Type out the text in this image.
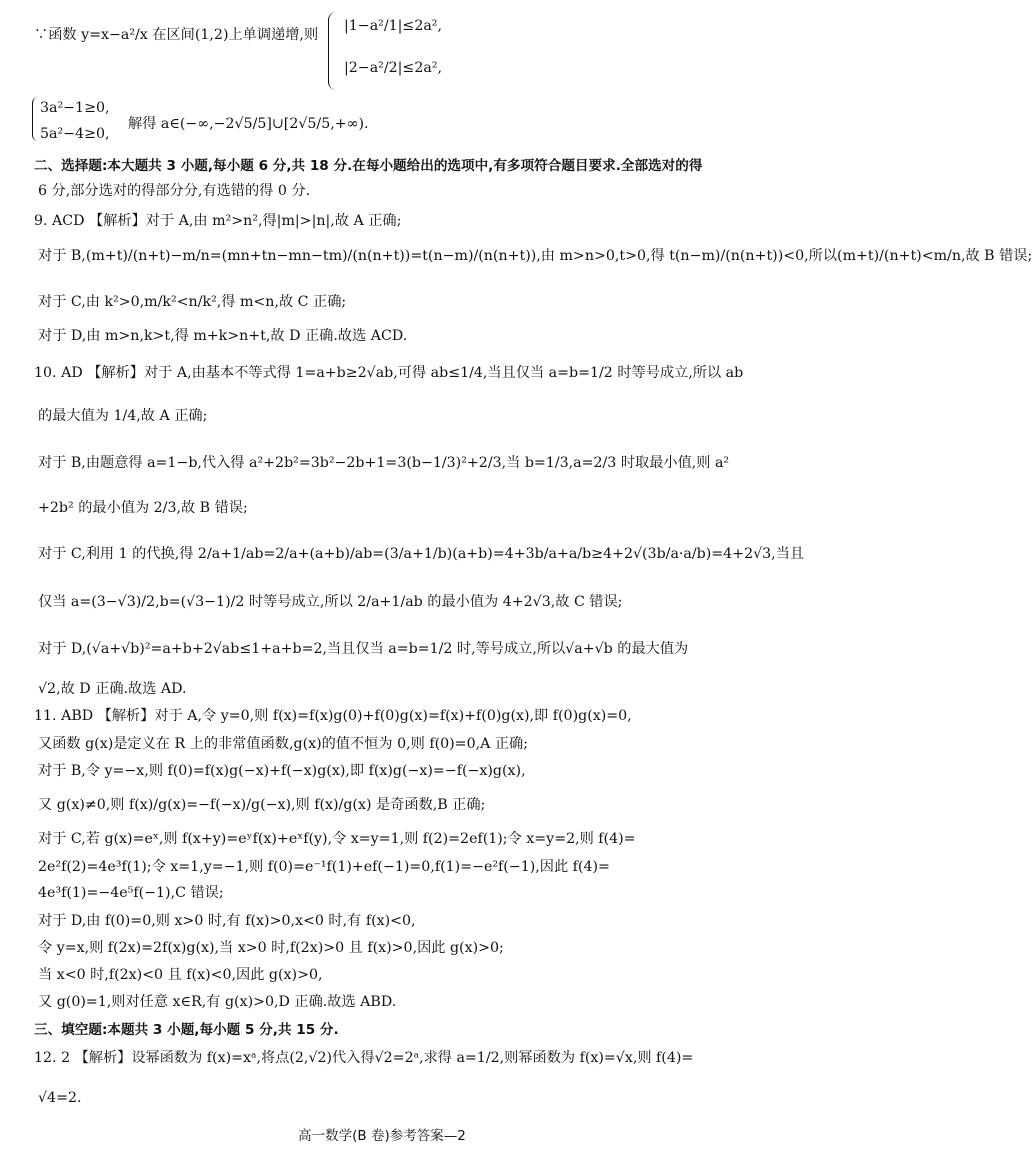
∵函数 y=x−a²/x 在区间(1,2)上单调递增,则
|1−a²/1|≤2a²,
|2−a²/2|≤2a²,
3a²−1≥0,
5a²−4≥0,
解得 a∈(−∞,−2√5/5]∪[2√5/5,+∞).
二、选择题:本大题共 3 小题,每小题 6 分,共 18 分.在每小题给出的选项中,有多项符合题目要求.全部选对的得
6 分,部分选对的得部分分,有选错的得 0 分.
9. ACD 【解析】对于 A,由 m²>n²,得|m|>|n|,故 A 正确;
对于 B,(m+t)/(n+t)−m/n=(mn+tn−mn−tm)/(n(n+t))=t(n−m)/(n(n+t)),由 m>n>0,t>0,得 t(n−m)/(n(n+t))<0,所以(m+t)/(n+t)<m/n,故 B 错误;
对于 C,由 k²>0,m/k²<n/k²,得 m<n,故 C 正确;
对于 D,由 m>n,k>t,得 m+k>n+t,故 D 正确.故选 ACD.
10. AD 【解析】对于 A,由基本不等式得 1=a+b≥2√ab,可得 ab≤1/4,当且仅当 a=b=1/2 时等号成立,所以 ab
的最大值为 1/4,故 A 正确;
对于 B,由题意得 a=1−b,代入得 a²+2b²=3b²−2b+1=3(b−1/3)²+2/3,当 b=1/3,a=2/3 时取最小值,则 a²
+2b² 的最小值为 2/3,故 B 错误;
对于 C,利用 1 的代换,得 2/a+1/ab=2/a+(a+b)/ab=(3/a+1/b)(a+b)=4+3b/a+a/b≥4+2√(3b/a·a/b)=4+2√3,当且
仅当 a=(3−√3)/2,b=(√3−1)/2 时等号成立,所以 2/a+1/ab 的最小值为 4+2√3,故 C 错误;
对于 D,(√a+√b)²=a+b+2√ab≤1+a+b=2,当且仅当 a=b=1/2 时,等号成立,所以√a+√b 的最大值为
√2,故 D 正确.故选 AD.
11. ABD 【解析】对于 A,令 y=0,则 f(x)=f(x)g(0)+f(0)g(x)=f(x)+f(0)g(x),即 f(0)g(x)=0,
又函数 g(x)是定义在 R 上的非常值函数,g(x)的值不恒为 0,则 f(0)=0,A 正确;
对于 B,令 y=−x,则 f(0)=f(x)g(−x)+f(−x)g(x),即 f(x)g(−x)=−f(−x)g(x),
又 g(x)≠0,则 f(x)/g(x)=−f(−x)/g(−x),则 f(x)/g(x) 是奇函数,B 正确;
对于 C,若 g(x)=eˣ,则 f(x+y)=eʸf(x)+eˣf(y),令 x=y=1,则 f(2)=2ef(1);令 x=y=2,则 f(4)=
2e²f(2)=4e³f(1);令 x=1,y=−1,则 f(0)=e⁻¹f(1)+ef(−1)=0,f(1)=−e²f(−1),因此 f(4)=
4e³f(1)=−4e⁵f(−1),C 错误;
对于 D,由 f(0)=0,则 x>0 时,有 f(x)>0,x<0 时,有 f(x)<0,
令 y=x,则 f(2x)=2f(x)g(x),当 x>0 时,f(2x)>0 且 f(x)>0,因此 g(x)>0;
当 x<0 时,f(2x)<0 且 f(x)<0,因此 g(x)>0,
又 g(0)=1,则对任意 x∈R,有 g(x)>0,D 正确.故选 ABD.
三、填空题:本题共 3 小题,每小题 5 分,共 15 分.
12. 2 【解析】设幂函数为 f(x)=xᵃ,将点(2,√2)代入得√2=2ᵃ,求得 a=1/2,则幂函数为 f(x)=√x,则 f(4)=
√4=2.
高一数学(B 卷)参考答案—2
